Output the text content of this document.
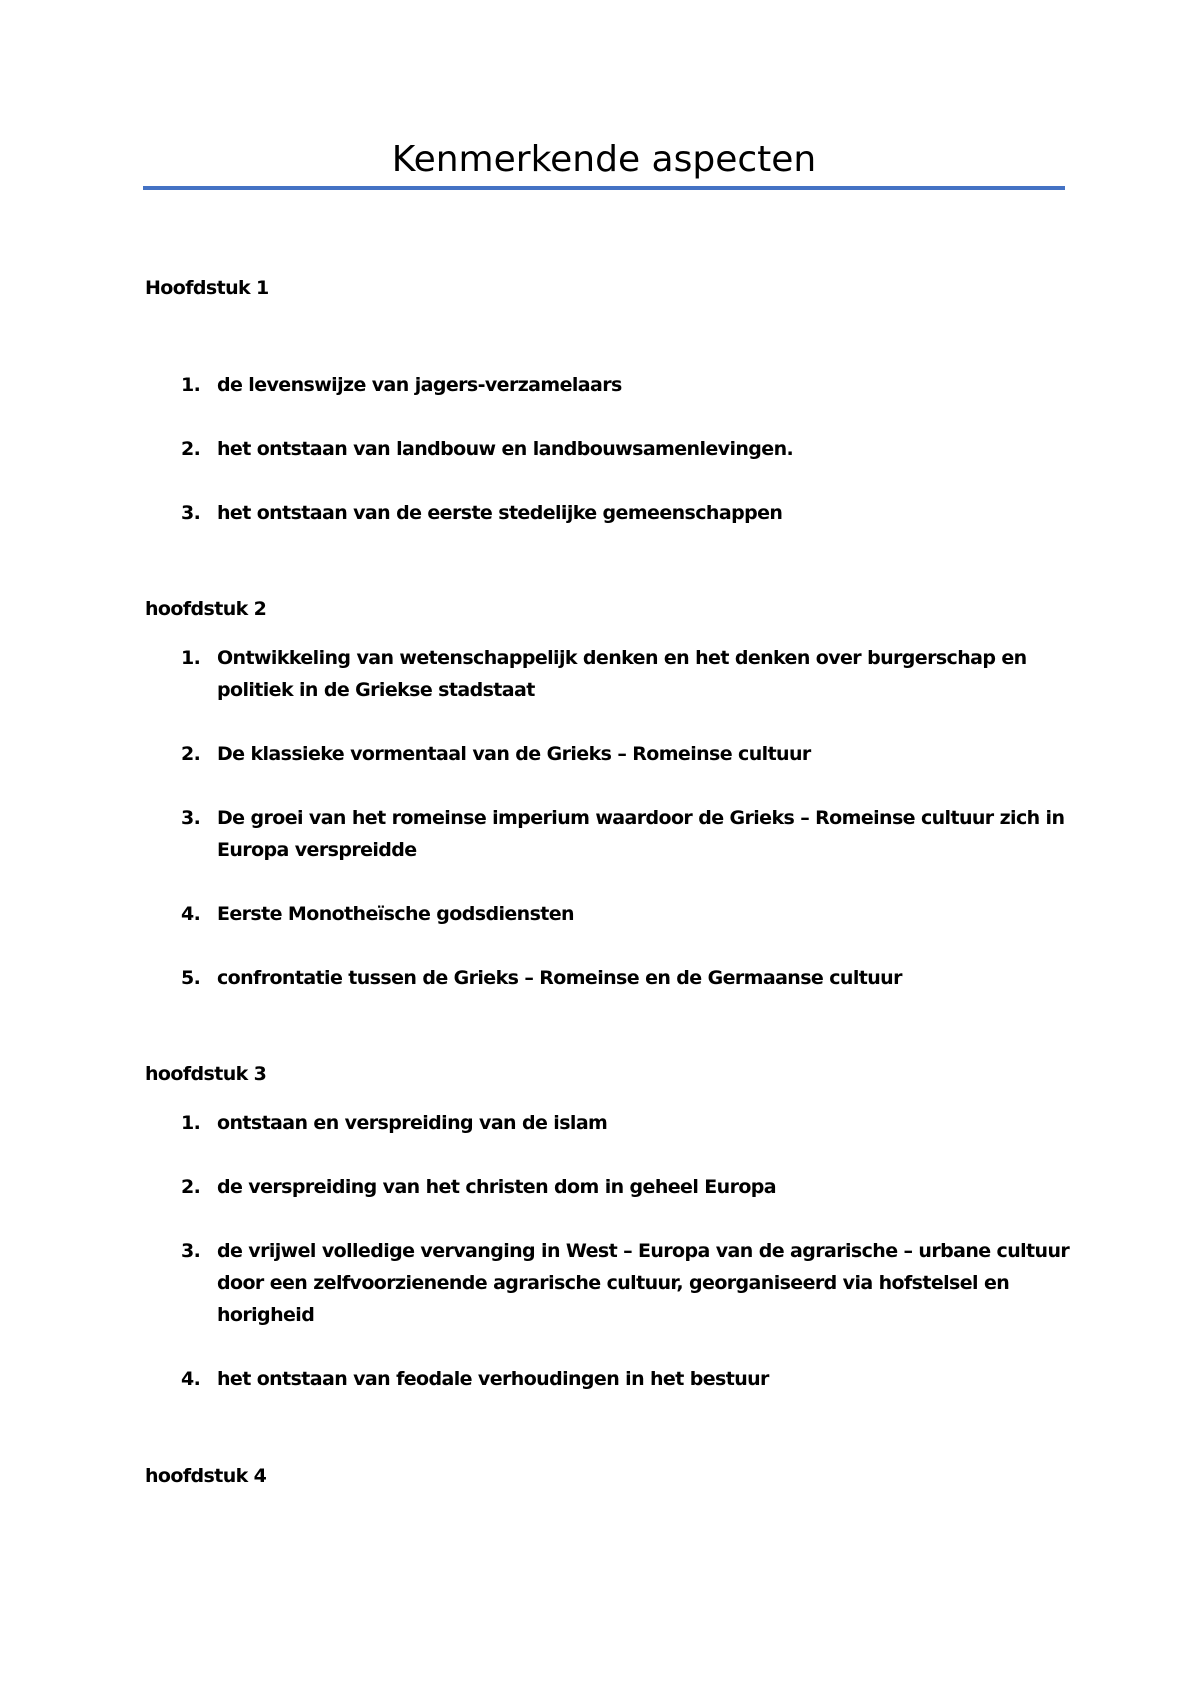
Kenmerkende aspecten
Hoofdstuk 1
1. de levenswijze van jagers-verzamelaars
2. het ontstaan van landbouw en landbouwsamenlevingen.
3. het ontstaan van de eerste stedelijke gemeenschappen
hoofdstuk 2
1. Ontwikkeling van wetenschappelijk denken en het denken over burgerschap en politiek in de Griekse stadstaat
2. De klassieke vormentaal van de Grieks – Romeinse cultuur
3. De groei van het romeinse imperium waardoor de Grieks – Romeinse cultuur zich in Europa verspreidde
4. Eerste Monotheïsche godsdiensten
5. confrontatie tussen de Grieks – Romeinse en de Germaanse cultuur
hoofdstuk 3
1. ontstaan en verspreiding van de islam
2. de verspreiding van het christen dom in geheel Europa
3. de vrijwel volledige vervanging in West – Europa van de agrarische – urbane cultuur door een zelfvoorzienende agrarische cultuur, georganiseerd via hofstelsel en horigheid
4. het ontstaan van feodale verhoudingen in het bestuur
hoofdstuk 4
